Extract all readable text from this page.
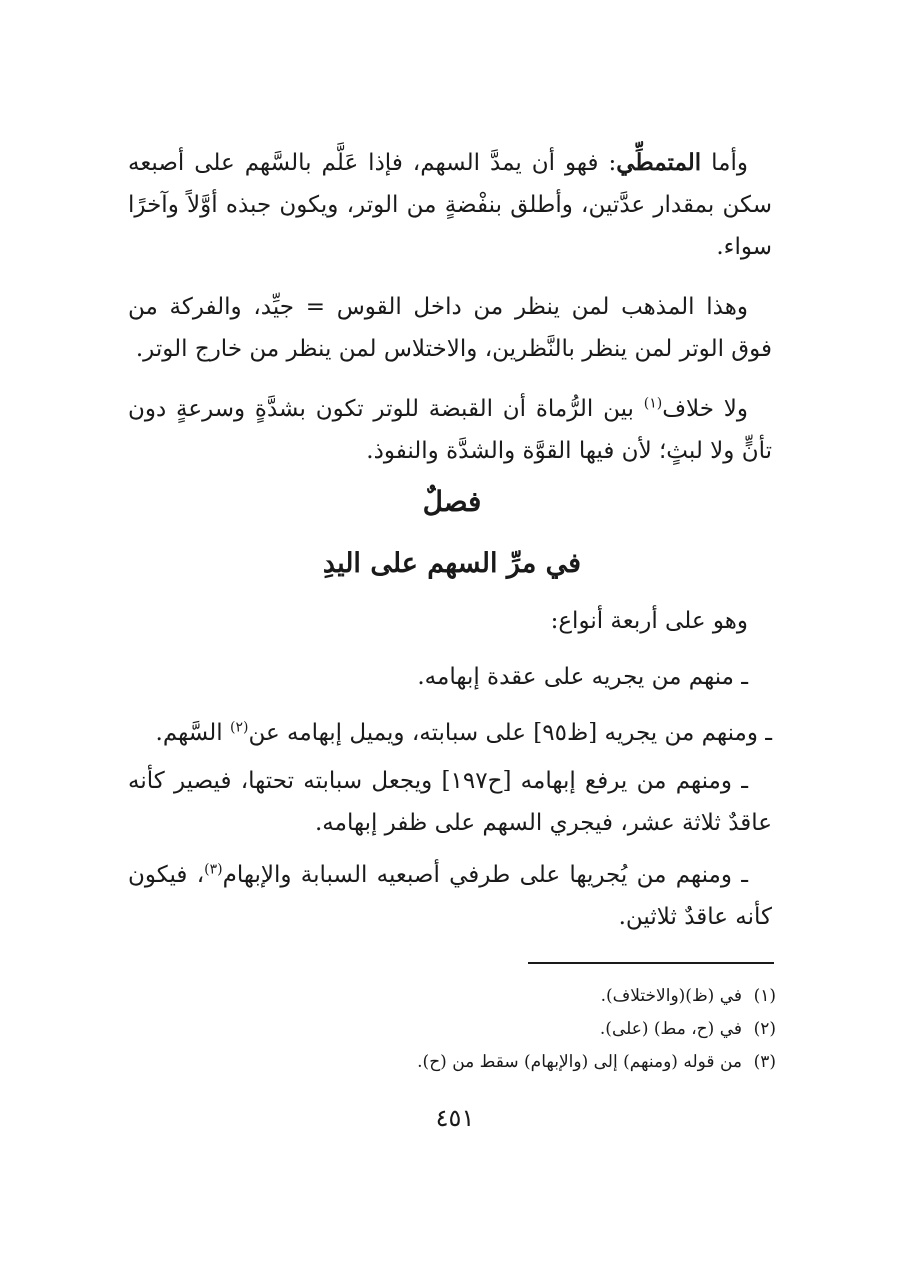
وأما المتمطِّي: فهو أن يمدَّ السهم، فإذا عَلَّم بالسَّهم على أصبعه سكن بمقدار عدَّتين، وأطلق بنفْضةٍ من الوتر، ويكون جبذه أوَّلاً وآخرًا سواء.

وهذا المذهب لمن ينظر من داخل القوس = جيِّد، والفركة من فوق الوتر لمن ينظر بالنَّظرين، والاختلاس لمن ينظر من خارج الوتر.

ولا خلاف$^{(١)}$ بين الرُّماة أن القبضة للوتر تكون بشدَّةٍ وسرعةٍ دون تأنٍّ ولا لبثٍ؛ لأن فيها القوَّة والشدَّة والنفوذ.

فصلٌ
في مرِّ السهم على اليدِ

وهو على أربعة أنواع:

ـ منهم من يجريه على عقدة إبهامه.

ـ ومنهم من يجريه [ظ٩٥] على سبابته، ويميل إبهامه عن$^{(٢)}$ السَّهم.

ـ ومنهم من يرفع إبهامه [ح١٩٧] ويجعل سبابته تحتها، فيصير كأنه عاقدٌ ثلاثة عشر، فيجري السهم على ظفر إبهامه.

ـ ومنهم من يُجريها على طرفي أصبعيه السبابة والإبهام$^{(٣)}$، فيكون كأنه عاقدٌ ثلاثين.

(١)في (ظ)(والاختلاف).

(٢)في (ح، مط) (على).

(٣)من قوله (ومنهم) إلى (والإبهام) سقط من (ح).

٤٥١
